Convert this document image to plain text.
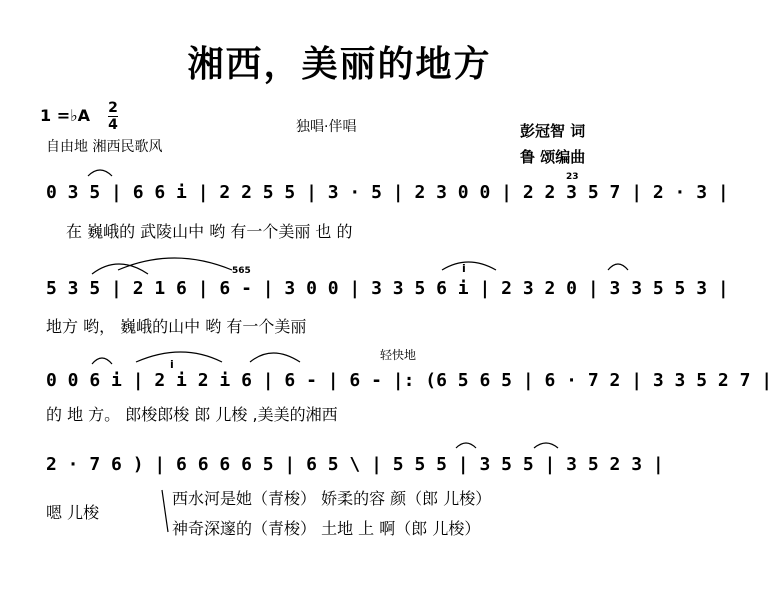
湘西，美丽的地方
1 =♭A 2
4	独唱·伴唱
自由地 湘西民歌风
彭冠智 词
鲁 颂编曲
0 3 5 | 6 6 i | 2 2 5 5 | 3 · 5 | 2 3 0 0 | 2 2 3 5 7 | 2 · 3 |
在 巍峨的 武陵山中 哟 有一个美丽 也 的
23
5 3 5 | 2 1 6 | 6 - | 3 0 0 | 3 3 5 6 i | 2 3 2 0 | 3 3 5 5 3 |
地方 哟， 巍峨的山中 哟 有一个美丽
565	i
轻快地
0 0 6 i | 2 i 2 i 6 | 6 - | 6 - |: (6 5 6 5 | 6 · 7 2 | 3 3 5 2 7 |
的 地 方。 郎梭郎梭 郎 儿梭 ,美美的湘西
i
2 · 7 6 ) | 6 6 6 6 5 | 6 5 \ | 5 5 5 | 3 5 5 | 3 5 2 3 |
嗯 儿梭
西水河是她（青梭） 娇柔的容 颜（郎 儿梭）
神奇深邃的（青梭） 土地 上 啊（郎 儿梭）
